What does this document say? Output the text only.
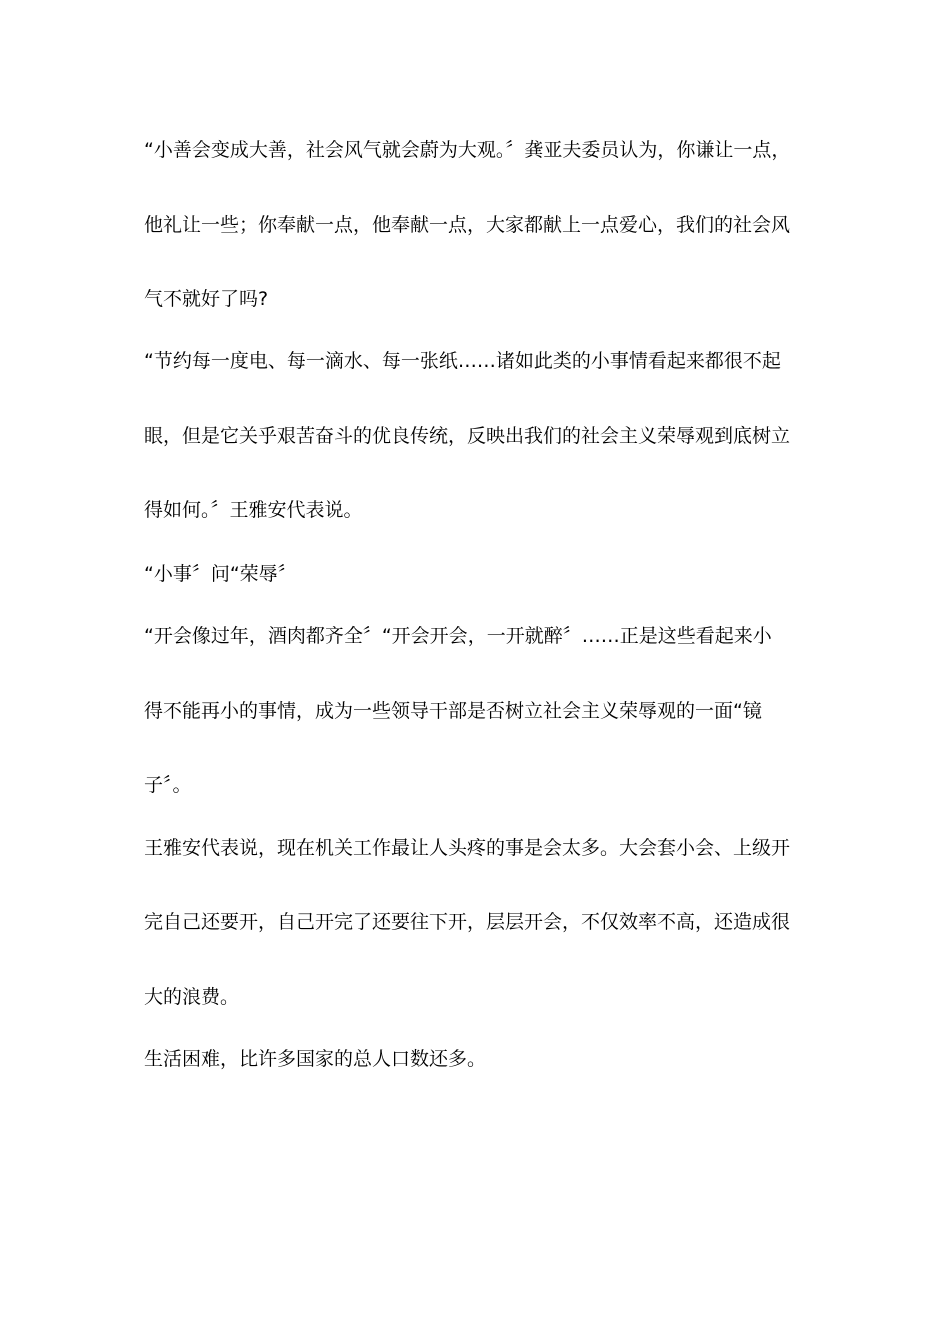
“小善会变成大善，社会风气就会蔚为大观。〞龚亚夫委员认为，你谦让一点，
他礼让一些；你奉献一点，他奉献一点，大家都献上一点爱心，我们的社会风
气不就好了吗?
“节约每一度电、每一滴水、每一张纸……诸如此类的小事情看起来都很不起
眼，但是它关乎艰苦奋斗的优良传统，反映出我们的社会主义荣辱观到底树立
得如何。〞王雅安代表说。
“小事〞问“荣辱〞
“开会像过年，酒肉都齐全〞“开会开会，一开就醉〞……正是这些看起来小
得不能再小的事情，成为一些领导干部是否树立社会主义荣辱观的一面“镜
子〞。
王雅安代表说，现在机关工作最让人头疼的事是会太多。大会套小会、上级开
完自己还要开，自己开完了还要往下开，层层开会，不仅效率不高，还造成很
大的浪费。
生活困难，比许多国家的总人口数还多。
